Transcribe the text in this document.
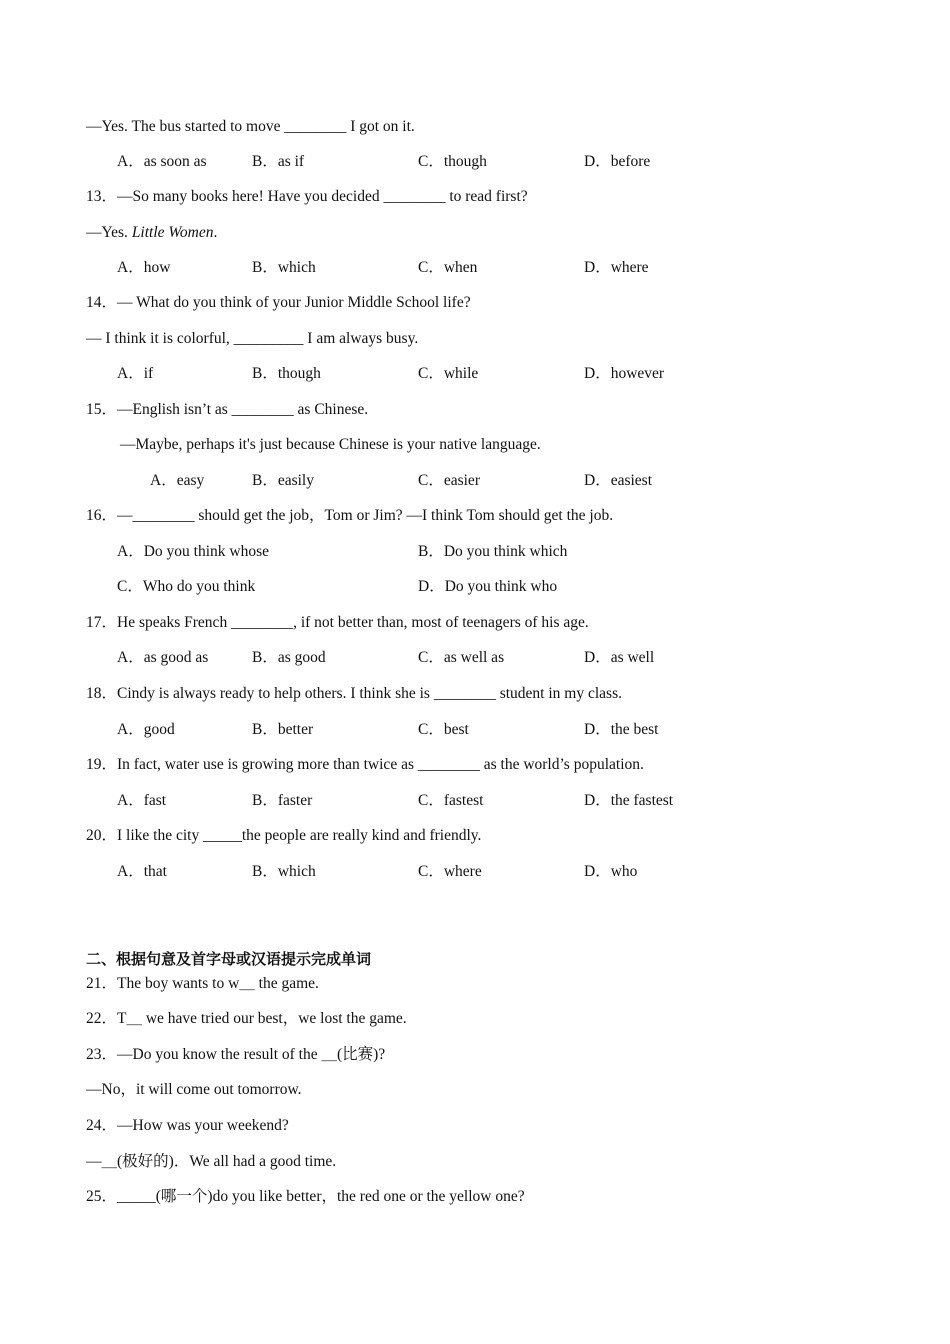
—Yes. The bus started to move ________ I got on it.
A．as soon as	B．as if	C．though	D．before
13．—So many books here! Have you decided ________ to read first?
—Yes. Little Women.
A．how	B．which	C．when	D．where
14．— What do you think of your Junior Middle School life?
— I think it is colorful, _________ I am always busy.
A．if	B．though	C．while	D．however
15．—English isn’t as ________ as Chinese.
—Maybe, perhaps it's just because Chinese is your native language.
A．easy	B．easily	C．easier	D．easiest
16．—________ should get the job，Tom or Jim? —I think Tom should get the job.
A．Do you think whose	B．Do you think which
C．Who do you think	D．Do you think who
17．He speaks French ________, if not better than, most of teenagers of his age.
A．as good as	B．as good	C．as well as	D．as well
18．Cindy is always ready to help others. I think she is ________ student in my class.
A．good	B．better	C．best	D．the best
19．In fact, water use is growing more than twice as ________ as the world’s population.
A．fast	B．faster	C．fastest	D．the fastest
20．I like the city _____the people are really kind and friendly.
A．that	B．which	C．where	D．who
二、根据句意及首字母或汉语提示完成单词
21．The boy wants to w＿ the game.
22．T＿ we have tried our best，we lost the game.
23．—Do you know the result of the ＿(比赛)?
—No，it will come out tomorrow.
24．—How was your weekend?
—＿(极好的)．We all had a good time.
25．_____(哪一个)do you like better，the red one or the yellow one?
